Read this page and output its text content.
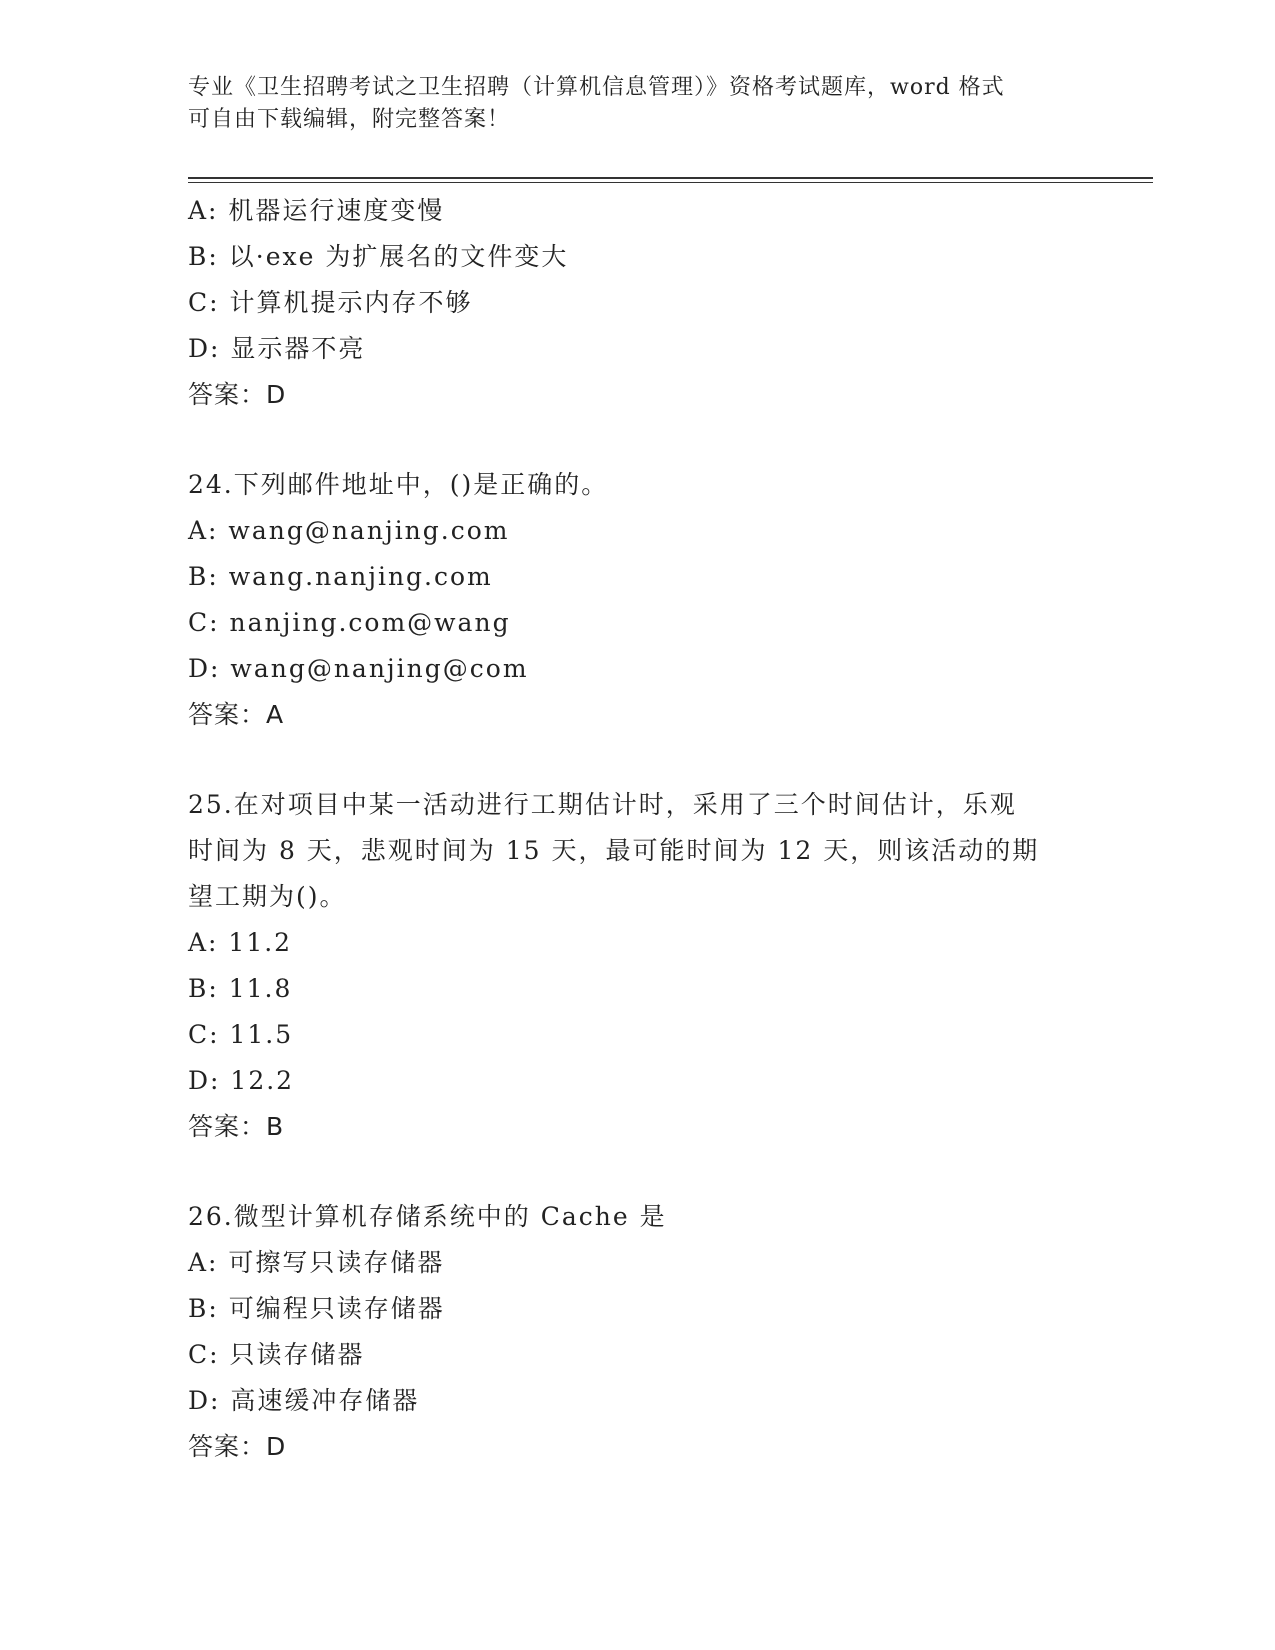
专业《卫生招聘考试之卫生招聘（计算机信息管理）》资格考试题库，word 格式
可自由下载编辑，附完整答案！
A: 机器运行速度变慢
B: 以·exe 为扩展名的文件变大
C: 计算机提示内存不够
D: 显示器不亮
答案：D
24.下列邮件地址中，()是正确的。
A: wang@nanjing.com
B: wang.nanjing.com
C: nanjing.com@wang
D: wang@nanjing@com
答案：A
25.在对项目中某一活动进行工期估计时，采用了三个时间估计，乐观
时间为 8 天，悲观时间为 15 天，最可能时间为 12 天，则该活动的期
望工期为()。
A: 11.2
B: 11.8
C: 11.5
D: 12.2
答案：B
26.微型计算机存储系统中的 Cache 是
A: 可擦写只读存储器
B: 可编程只读存储器
C: 只读存储器
D: 高速缓冲存储器
答案：D
